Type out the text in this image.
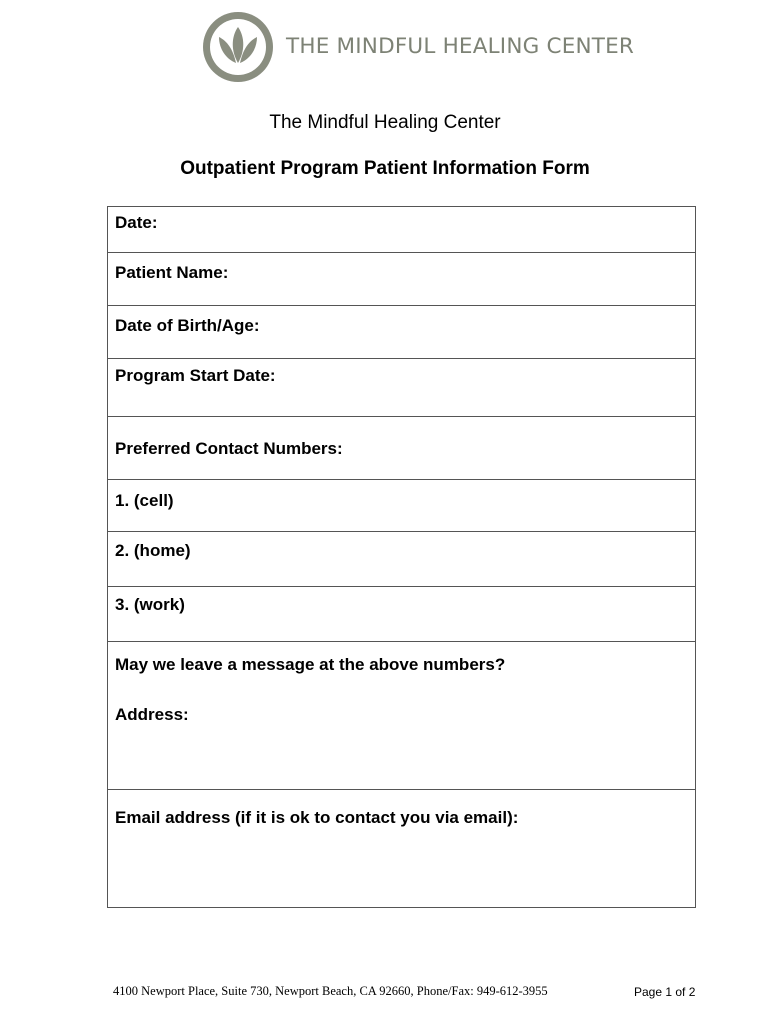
THE MINDFUL HEALING CENTER
The Mindful Healing Center
Outpatient Program Patient Information Form
Date:
Patient Name:
Date of Birth/Age:
Program Start Date:
Preferred Contact Numbers:
1. (cell)
2. (home)
3. (work)
May we leave a message at the above numbers?
Address:
Email address (if it is ok to contact you via email):
4100 Newport Place, Suite 730, Newport Beach, CA 92660, Phone/Fax: 949-612-3955	Page 1 of 2
